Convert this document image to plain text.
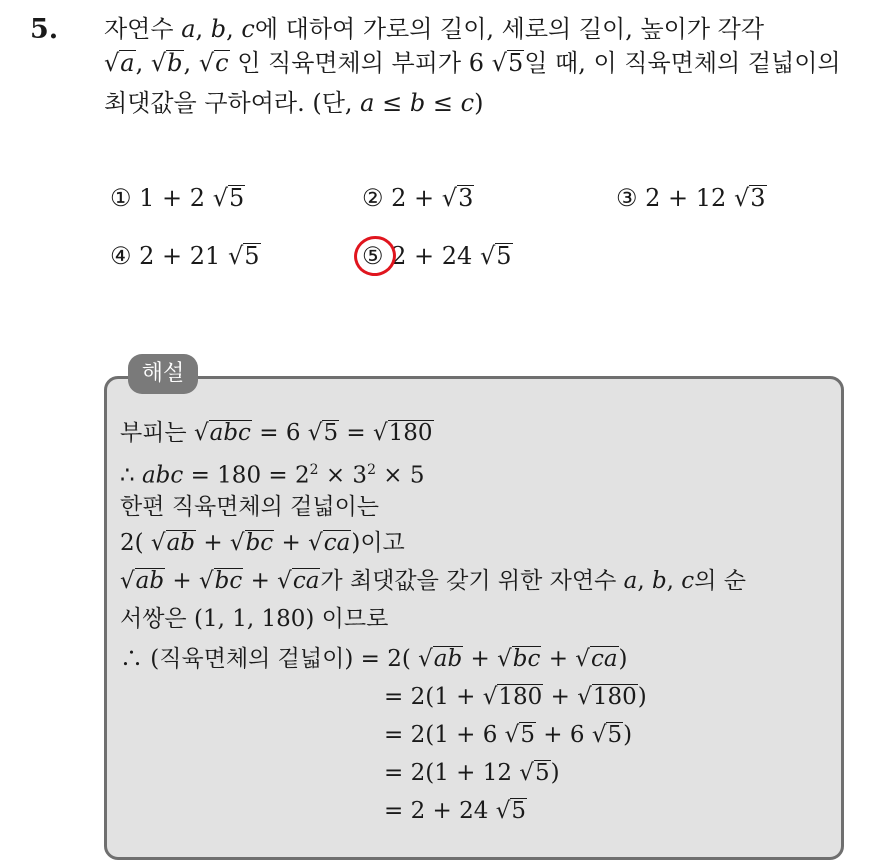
5. 자연수 a, b, c에 대하여 가로의 길이, 세로의 길이, 높이가 각각
√a, √b, √c 인 직육면체의 부피가 6 √5일 때, 이 직육면체의 겉넓이의
최댓값을 구하여라. (단, a ≤ b ≤ c)
① 1 + 2 √5	② 2 + √3	③ 2 + 12 √3
④ 2 + 21 √5	⑤ 2 + 24 √5
해설
부피는 √abc = 6 √5 = √180
∴ abc = $180 = 2^2 \times 3^2 \times 5$
한편 직육면체의 겉넓이는
2( √ab + √bc + √ca)이고
√ab + √bc + √ca가 최댓값을 갖기 위한 자연수 a, b, c의 순
서쌍은 (1, 1, 180) 이므로
∴ (직육면체의 겉넓이) = 2( √ab + √bc + √ca)
= 2(1 + √180 + √180)
= 2(1 + 6 √5 + 6 √5)
= 2(1 + 12 √5)
= 2 + 24 √5
